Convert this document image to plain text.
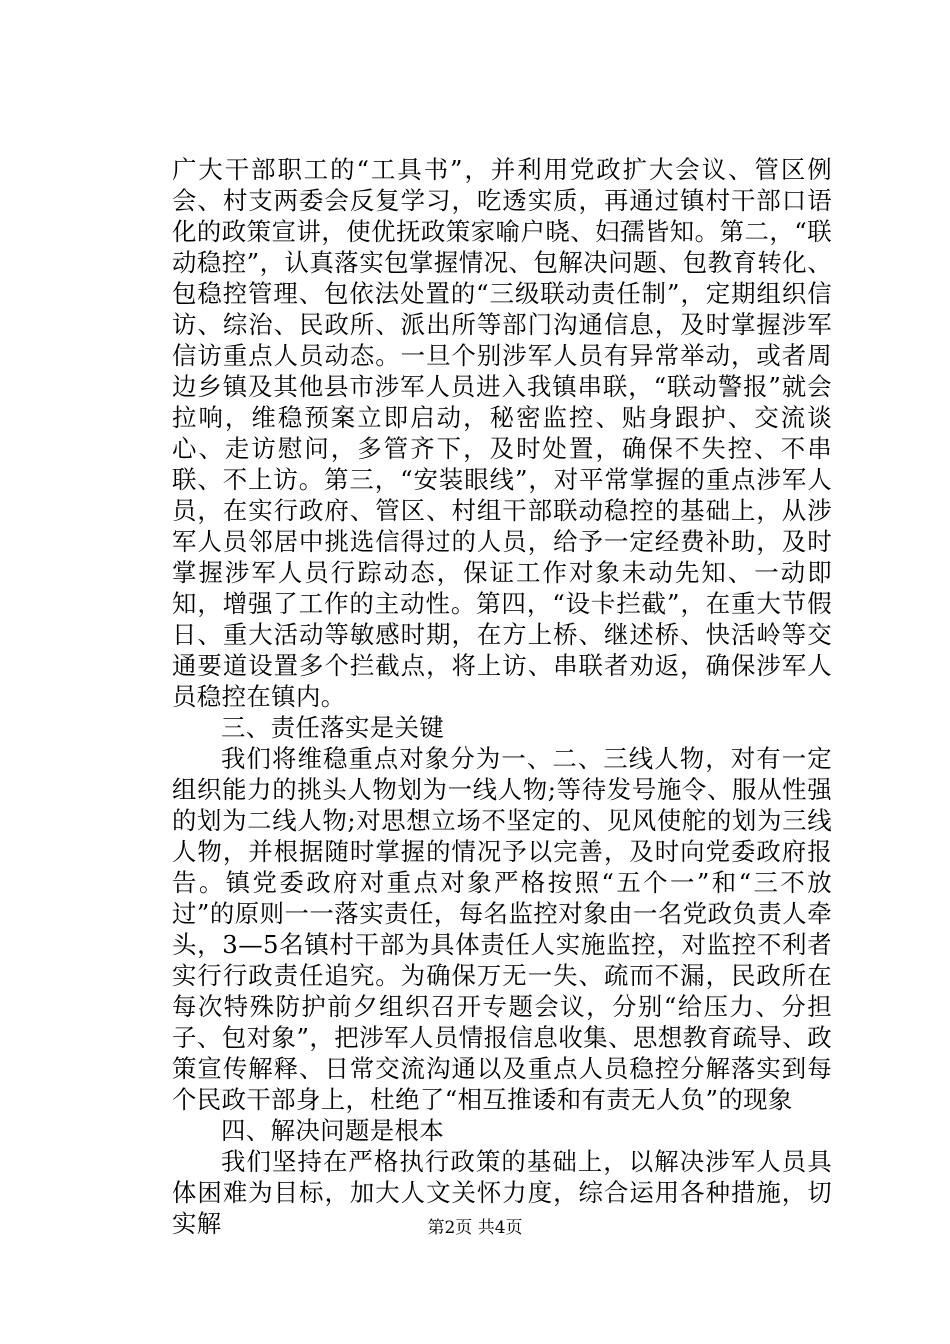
广大干部职工的“工具书”，并利用党政扩大会议、管区例会、村支两委会反复学习，吃透实质，再通过镇村干部口语化的政策宣讲，使优抚政策家喻户晓、妇孺皆知。第二，“联动稳控”，认真落实包掌握情况、包解决问题、包教育转化、包稳控管理、包依法处置的“三级联动责任制”，定期组织信访、综治、民政所、派出所等部门沟通信息，及时掌握涉军信访重点人员动态。一旦个别涉军人员有异常举动，或者周边乡镇及其他县市涉军人员进入我镇串联，“联动警报”就会拉响，维稳预案立即启动，秘密监控、贴身跟护、交流谈心、走访慰问，多管齐下，及时处置，确保不失控、不串联、不上访。第三，“安装眼线”，对平常掌握的重点涉军人员，在实行政府、管区、村组干部联动稳控的基础上，从涉军人员邻居中挑选信得过的人员，给予一定经费补助，及时掌握涉军人员行踪动态，保证工作对象未动先知、一动即知，增强了工作的主动性。第四，“设卡拦截”，在重大节假日、重大活动等敏感时期，在方上桥、继述桥、快活岭等交通要道设置多个拦截点，将上访、串联者劝返，确保涉军人员稳控在镇内。

三、责任落实是关键

我们将维稳重点对象分为一、二、三线人物，对有一定组织能力的挑头人物划为一线人物;等待发号施令、服从性强的划为二线人物;对思想立场不坚定的、见风使舵的划为三线人物，并根据随时掌握的情况予以完善，及时向党委政府报告。镇党委政府对重点对象严格按照“五个一”和“三不放过”的原则一一落实责任，每名监控对象由一名党政负责人牵头，3—5名镇村干部为具体责任人实施监控，对监控不利者实行行政责任追究。为确保万无一失、疏而不漏，民政所在每次特殊防护前夕组织召开专题会议，分别“给压力、分担子、包对象”，把涉军人员情报信息收集、思想教育疏导、政策宣传解释、日常交流沟通以及重点人员稳控分解落实到每个民政干部身上，杜绝了“相互推诿和有责无人负”的现象

四、解决问题是根本

我们坚持在严格执行政策的基础上，以解决涉军人员具体困难为目标，加大人文关怀力度，综合运用各种措施，切实解	第2页 共4页
